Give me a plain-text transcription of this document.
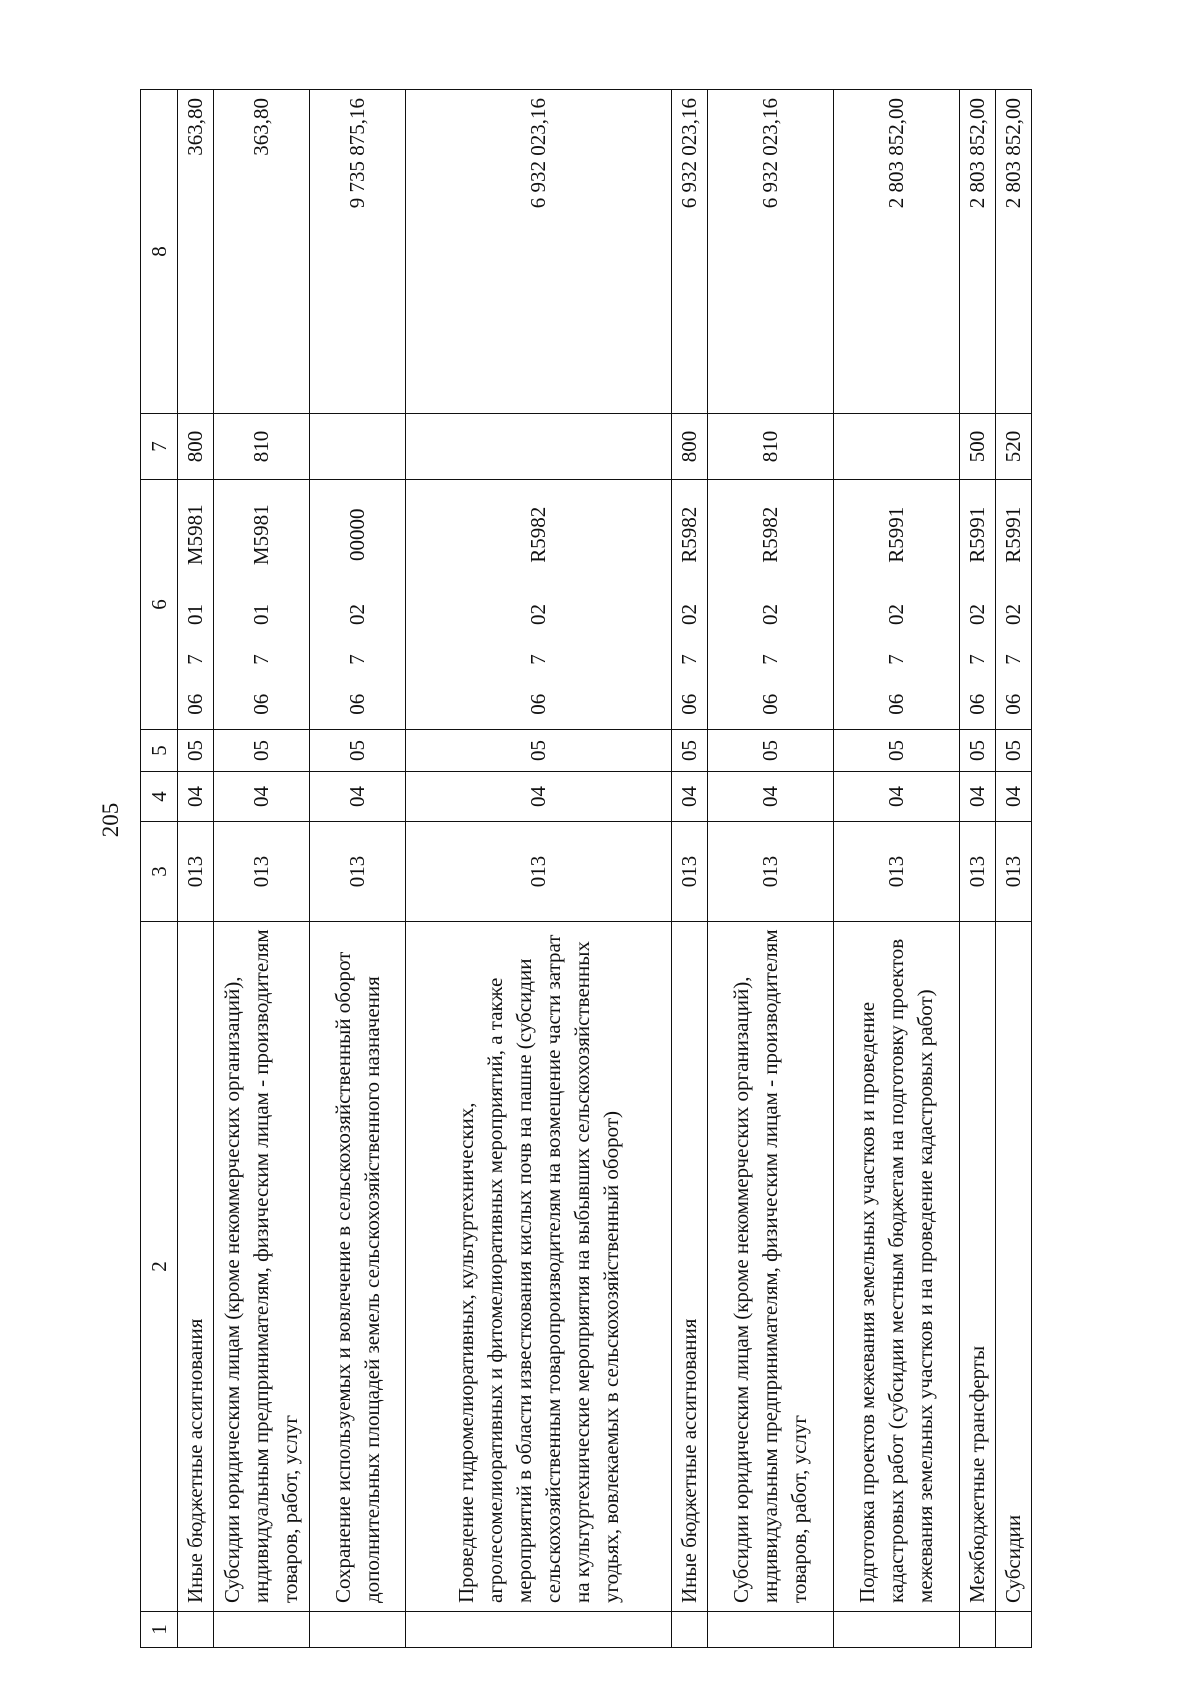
205
1	2	3	4	5	6				7	8
	Иные бюджетные ассигнования	013	04	05	06	7	01	M5981	800	363,80
	Субсидии юридическим лицам (кроме некоммерческих организаций), индивидуальным предпринимателям, физическим лицам - производителям товаров, работ, услуг	013	04	05	06	7	01	M5981	810	363,80
	Сохранение используемых и вовлечение в сельскохозяйственный оборот дополнительных площадей земель сельскохозяйственного назначения	013	04	05	06	7	02	00000		9 735 875,16
	Проведение гидромелиоративных, культуртехнических, агролесомелиоративных и фитомелиоративных мероприятий, а также мероприятий в области известкования кислых почв на пашне (субсидии сельскохозяйственным товаропроизводителям на возмещение части затрат на культуртехнические мероприятия на выбывших сельскохозяйственных угодьях, вовлекаемых в сельскохозяйственный оборот)	013	04	05	06	7	02	R5982		6 932 023,16
	Иные бюджетные ассигнования	013	04	05	06	7	02	R5982	800	6 932 023,16
	Субсидии юридическим лицам (кроме некоммерческих организаций), индивидуальным предпринимателям, физическим лицам - производителям товаров, работ, услуг	013	04	05	06	7	02	R5982	810	6 932 023,16
	Подготовка проектов межевания земельных участков и проведение кадастровых работ (субсидии местным бюджетам на подготовку проектов межевания земельных участков и на проведение кадастровых работ)	013	04	05	06	7	02	R5991		2 803 852,00
	Межбюджетные трансферты	013	04	05	06	7	02	R5991	500	2 803 852,00
	Субсидии	013	04	05	06	7	02	R5991	520	2 803 852,00
